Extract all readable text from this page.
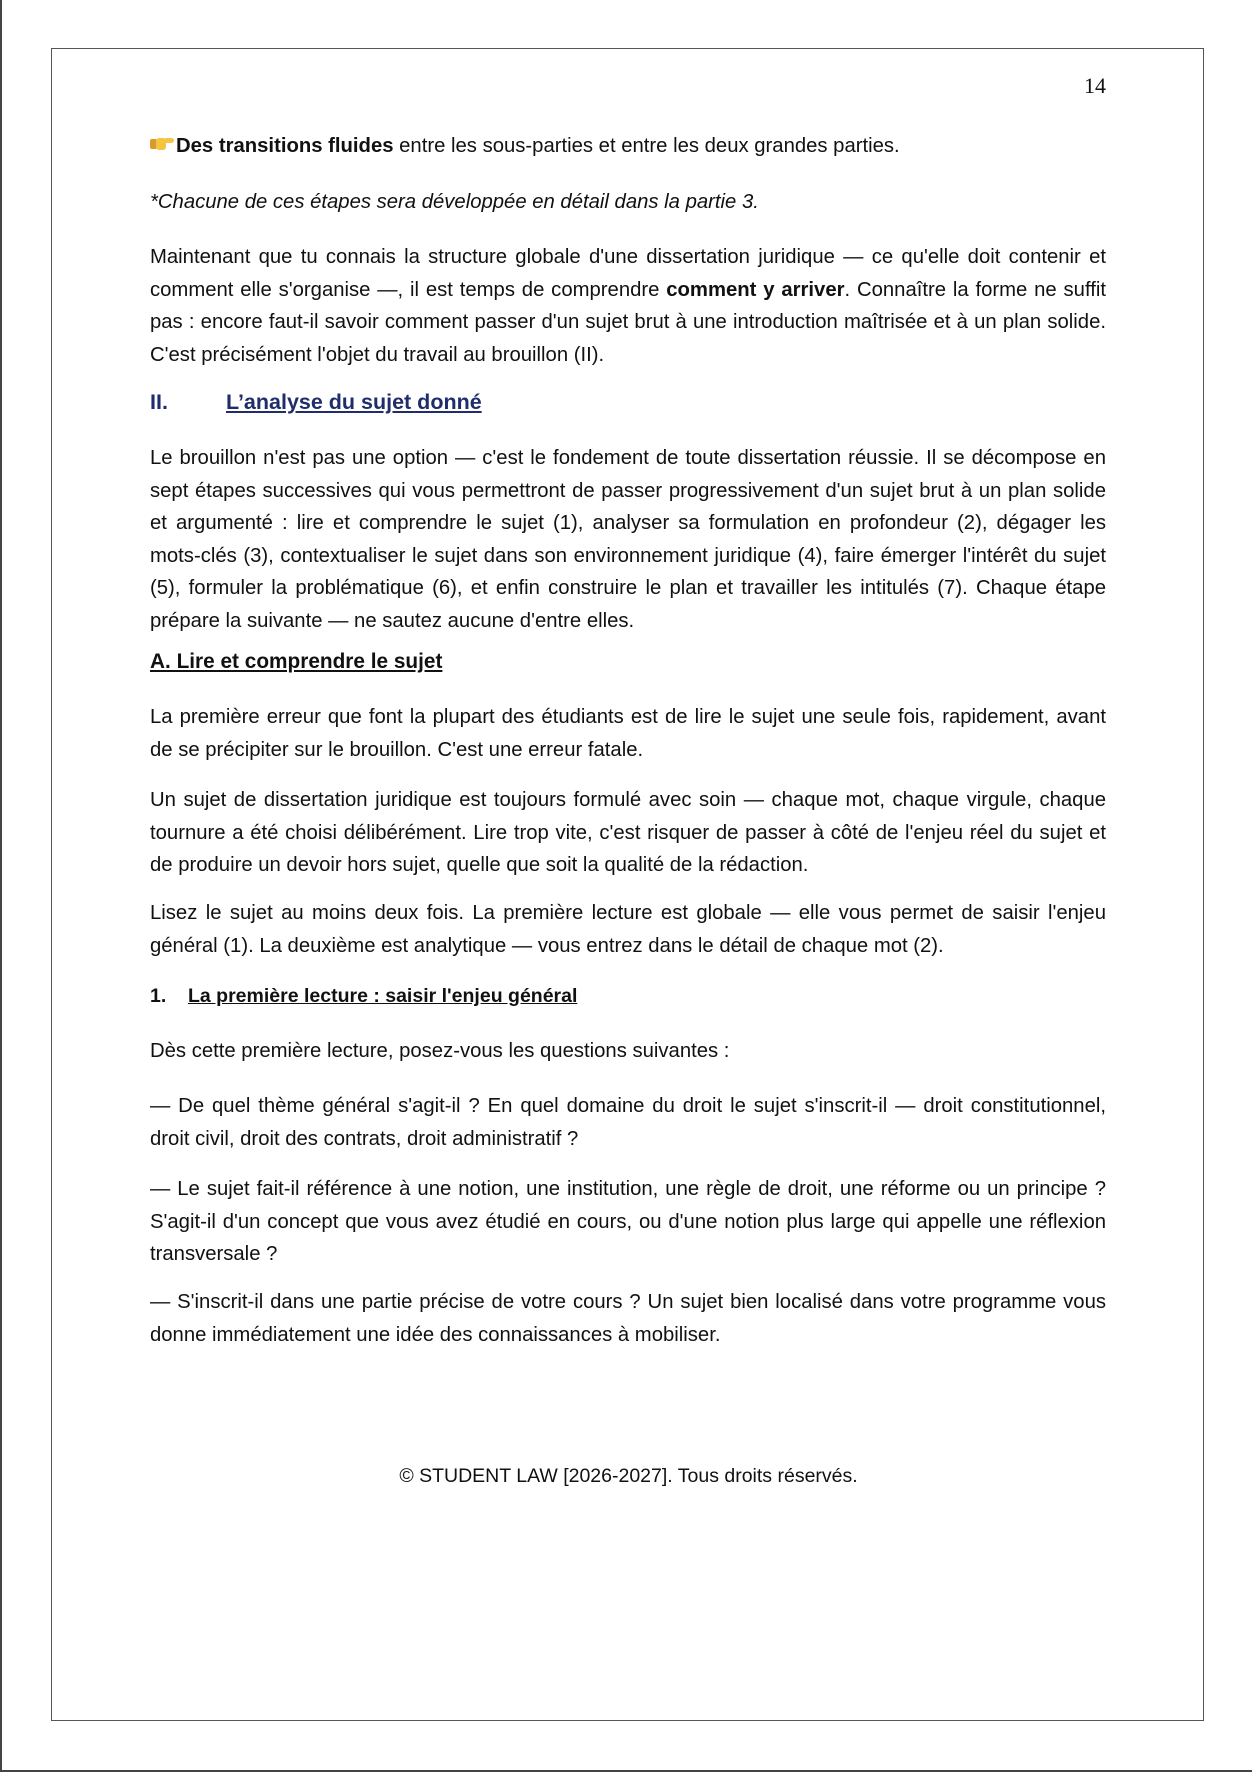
14

Des transitions fluides entre les sous-parties et entre les deux grandes parties.

*Chacune de ces étapes sera développée en détail dans la partie 3.

Maintenant que tu connais la structure globale d'une dissertation juridique — ce qu'elle doit contenir et comment elle s'organise —, il est temps de comprendre comment y arriver. Connaître la forme ne suffit pas : encore faut-il savoir comment passer d'un sujet brut à une introduction maîtrisée et à un plan solide. C'est précisément l'objet du travail au brouillon (II).

II.	L’analyse du sujet donné

Le brouillon n'est pas une option — c'est le fondement de toute dissertation réussie. Il se décompose en sept étapes successives qui vous permettront de passer progressivement d'un sujet brut à un plan solide et argumenté : lire et comprendre le sujet (1), analyser sa formulation en profondeur (2), dégager les mots-clés (3), contextualiser le sujet dans son environnement juridique (4), faire émerger l'intérêt du sujet (5), formuler la problématique (6), et enfin construire le plan et travailler les intitulés (7). Chaque étape prépare la suivante — ne sautez aucune d'entre elles.

A. Lire et comprendre le sujet

La première erreur que font la plupart des étudiants est de lire le sujet une seule fois, rapidement, avant de se précipiter sur le brouillon. C'est une erreur fatale.

Un sujet de dissertation juridique est toujours formulé avec soin — chaque mot, chaque virgule, chaque tournure a été choisi délibérément. Lire trop vite, c'est risquer de passer à côté de l'enjeu réel du sujet et de produire un devoir hors sujet, quelle que soit la qualité de la rédaction.

Lisez le sujet au moins deux fois. La première lecture est globale — elle vous permet de saisir l'enjeu général (1). La deuxième est analytique — vous entrez dans le détail de chaque mot (2).

1. La première lecture : saisir l'enjeu général

Dès cette première lecture, posez-vous les questions suivantes :

— De quel thème général s'agit-il ? En quel domaine du droit le sujet s'inscrit-il — droit constitutionnel, droit civil, droit des contrats, droit administratif ?

— Le sujet fait-il référence à une notion, une institution, une règle de droit, une réforme ou un principe ? S'agit-il d'un concept que vous avez étudié en cours, ou d'une notion plus large qui appelle une réflexion transversale ?

— S'inscrit-il dans une partie précise de votre cours ? Un sujet bien localisé dans votre programme vous donne immédiatement une idée des connaissances à mobiliser.

© STUDENT LAW [2026-2027]. Tous droits réservés.
